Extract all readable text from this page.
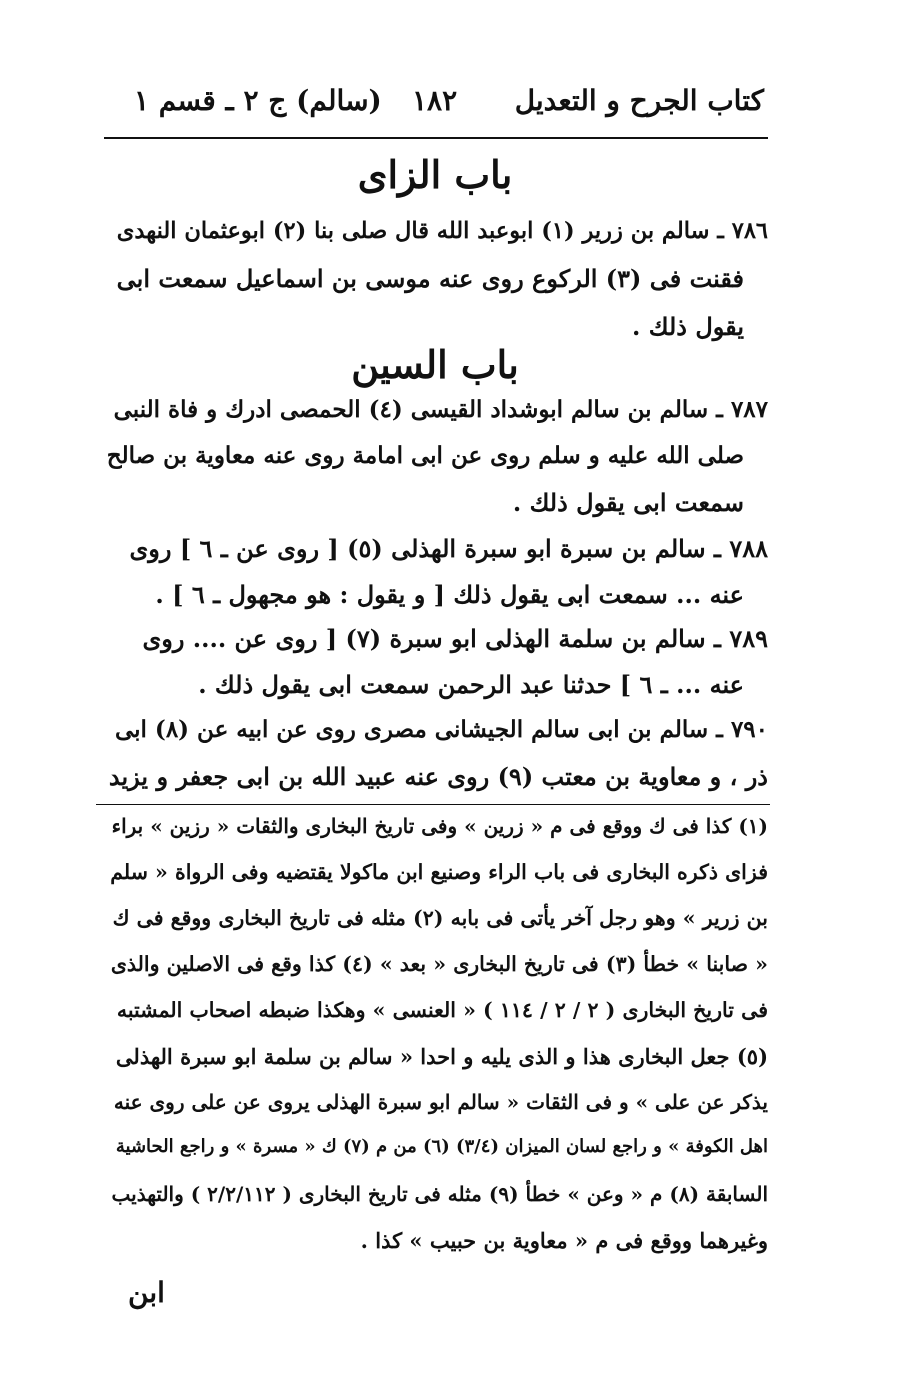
كتاب الجرح و التعديل
١٨٢
(سالم) ج ٢ ـ قسم ١
باب الزاى
٧٨٦ ـ سالم بن زرير (١) ابوعبد الله قال صلى بنا (٢) ابوعثمان النهدى
فقنت فى (٣) الركوع روى عنه موسى بن اسماعيل سمعت ابى
يقول ذلك .
باب السين
٧٨٧ ـ سالم بن سالم ابوشداد القيسى (٤) الحمصى ادرك و فاة النبى
صلى الله عليه و سلم روى عن ابى امامة روى عنه معاوية بن صالح
سمعت ابى يقول ذلك .
٧٨٨ ـ سالم بن سبرة ابو سبرة الهذلى (٥) [ روى عن ـ ٦ ] روى
عنه ... سمعت ابى يقول ذلك [ و يقول : هو مجهول ـ ٦ ] .
٧٨٩ ـ سالم بن سلمة الهذلى ابو سبرة (٧) [ روى عن .... روى
عنه ... ـ ٦ ] حدثنا عبد الرحمن سمعت ابى يقول ذلك .
٧٩٠ ـ سالم بن ابى سالم الجيشانى مصرى روى عن ابيه عن (٨) ابى
ذر ، و معاوية بن معتب (٩) روى عنه عبيد الله بن ابى جعفر و يزيد
(١) كذا فى ك ووقع فى م « زرين » وفى تاريخ البخارى والثقات « رزين » براء
فزاى ذكره البخارى فى باب الراء وصنيع ابن ماكولا يقتضيه وفى الرواة « سلم
بن زرير » وهو رجل آخر يأتى فى بابه (٢) مثله فى تاريخ البخارى ووقع فى ك
« صابنا » خطأ (٣) فى تاريخ البخارى « بعد » (٤) كذا وقع فى الاصلين والذى
فى تاريخ البخارى ( ٢ / ٢ / ١١٤ ) « العنسى » وهكذا ضبطه اصحاب المشتبه
(٥) جعل البخارى هذا و الذى يليه و احدا « سالم بن سلمة ابو سبرة الهذلى
يذكر عن على » و فى الثقات « سالم ابو سبرة الهذلى يروى عن على روى عنه
اهل الكوفة » و راجع لسان الميزان (٣/٤) (٦) من م (٧) ك « مسرة » و راجع الحاشية
السابقة (٨) م « وعن » خطأ (٩) مثله فى تاريخ البخارى ( ٢/٢/١١٢ ) والتهذيب
وغيرهما ووقع فى م « معاوية بن حبيب » كذا .
ابن
